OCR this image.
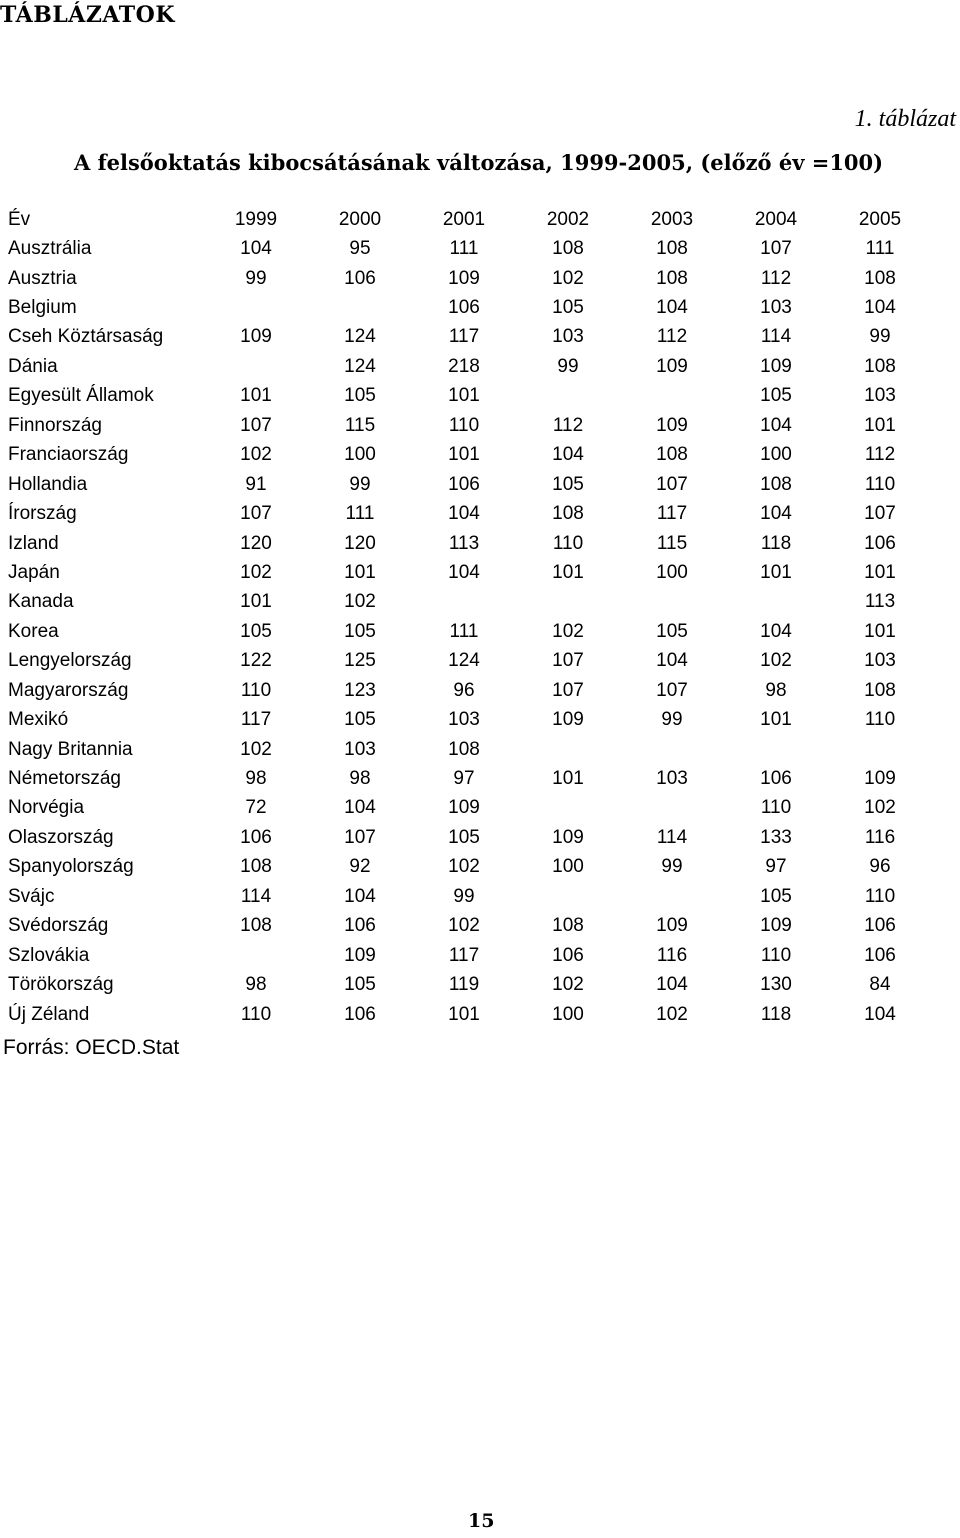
TÁBLÁZATOK
1. táblázat
A felsőoktatás kibocsátásának változása, 1999-2005, (előző év =100)
Év	1999	2000	2001	2002	2003	2004	2005
Ausztrália	104	95	111	108	108	107	111
Ausztria	99	106	109	102	108	112	108
Belgium			106	105	104	103	104
Cseh Köztársaság	109	124	117	103	112	114	99
Dánia		124	218	99	109	109	108
Egyesült Államok	101	105	101			105	103
Finnország	107	115	110	112	109	104	101
Franciaország	102	100	101	104	108	100	112
Hollandia	91	99	106	105	107	108	110
Írország	107	111	104	108	117	104	107
Izland	120	120	113	110	115	118	106
Japán	102	101	104	101	100	101	101
Kanada	101	102					113
Korea	105	105	111	102	105	104	101
Lengyelország	122	125	124	107	104	102	103
Magyarország	110	123	96	107	107	98	108
Mexikó	117	105	103	109	99	101	110
Nagy Britannia	102	103	108				
Németország	98	98	97	101	103	106	109
Norvégia	72	104	109			110	102
Olaszország	106	107	105	109	114	133	116
Spanyolország	108	92	102	100	99	97	96
Svájc	114	104	99			105	110
Svédország	108	106	102	108	109	109	106
Szlovákia		109	117	106	116	110	106
Törökország	98	105	119	102	104	130	84
Új Zéland	110	106	101	100	102	118	104
Forrás: OECD.Stat
15
